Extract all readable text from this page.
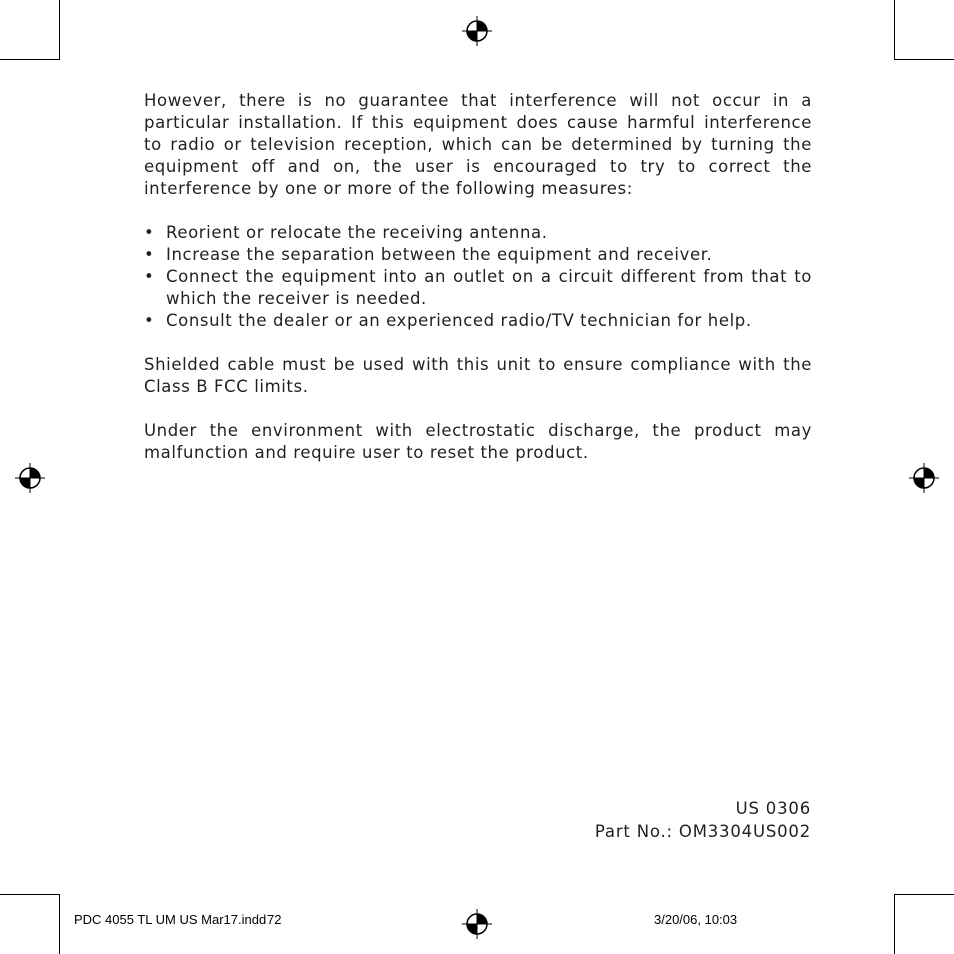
However, there is no guarantee that interference will not occur in a particular installation. If this equipment does cause harmful interference to radio or television reception, which can be determined by turning the equipment off and on, the user is encouraged to try to correct the interference by one or more of the following measures:

• Reorient or relocate the receiving antenna.
• Increase the separation between the equipment and receiver.
• Connect the equipment into an outlet on a circuit different from that to which the receiver is needed.
• Consult the dealer or an experienced radio/TV technician for help.

Shielded cable must be used with this unit to ensure compliance with the Class B FCC limits.

Under the environment with electrostatic discharge, the product may malfunction and require user to reset the product.

US 0306
Part No.: OM3304US002
PDC 4055 TL UM US Mar17.indd 72	3/20/06, 10:03
